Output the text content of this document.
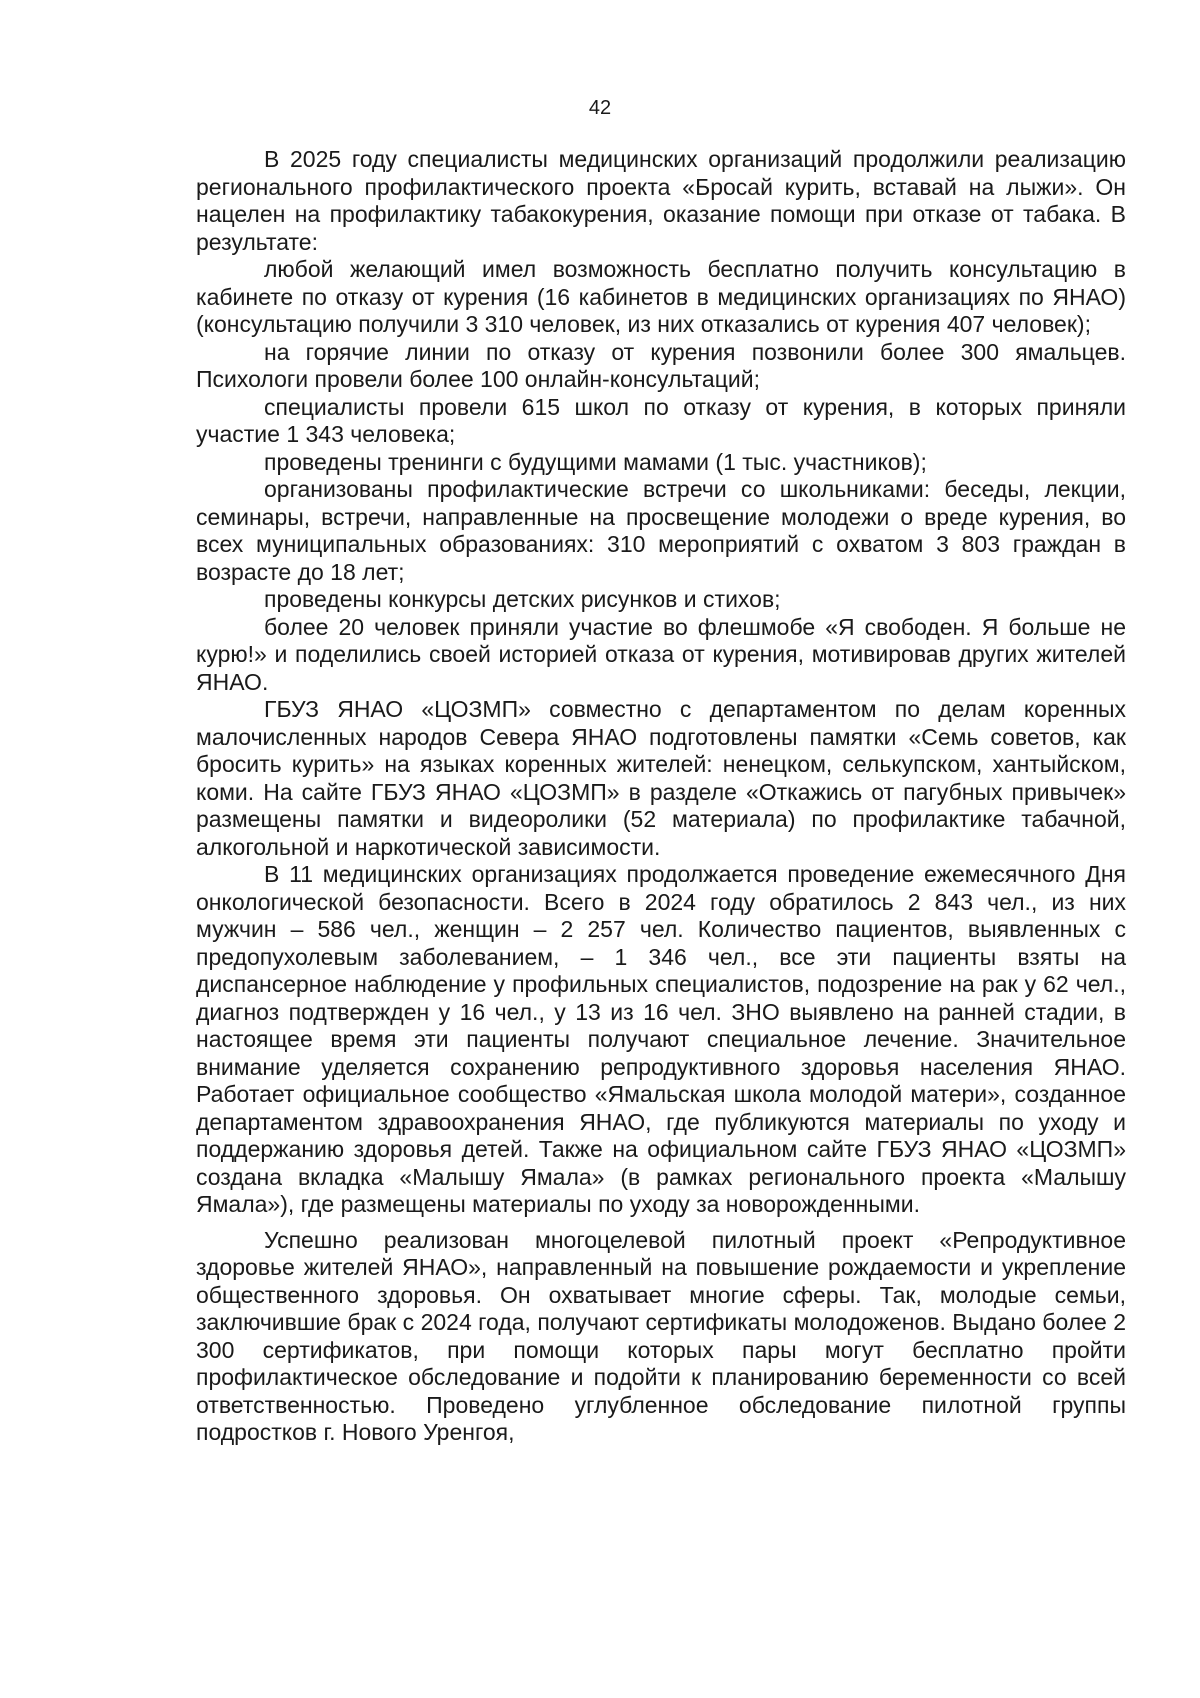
42

В 2025 году специалисты медицинских организаций продолжили реализацию регионального профилактического проекта «Бросай курить, вставай на лыжи». Он нацелен на профилактику табакокурения, оказание помощи при отказе от табака. В результате:

любой желающий имел возможность бесплатно получить консультацию в кабинете по отказу от курения (16 кабинетов в медицинских организациях по ЯНАО) (консультацию получили 3 310 человек, из них отказались от курения 407 человек);

на горячие линии по отказу от курения позвонили более 300 ямальцев. Психологи провели более 100 онлайн-консультаций;

специалисты провели 615 школ по отказу от курения, в которых приняли участие 1 343 человека;

проведены тренинги с будущими мамами (1 тыс. участников);

организованы профилактические встречи со школьниками: беседы, лекции, семинары, встречи, направленные на просвещение молодежи о вреде курения, во всех муниципальных образованиях: 310 мероприятий с охватом 3 803 граждан в возрасте до 18 лет;

проведены конкурсы детских рисунков и стихов;

более 20 человек приняли участие во флешмобе «Я свободен. Я больше не курю!» и поделились своей историей отказа от курения, мотивировав других жителей ЯНАО.

ГБУЗ ЯНАО «ЦОЗМП» совместно с департаментом по делам коренных малочисленных народов Севера ЯНАО подготовлены памятки «Семь советов, как бросить курить» на языках коренных жителей: ненецком, селькупском, хантыйском, коми. На сайте ГБУЗ ЯНАО «ЦОЗМП» в разделе «Откажись от пагубных привычек» размещены памятки и видеоролики (52 материала) по профилактике табачной, алкогольной и наркотической зависимости.

В 11 медицинских организациях продолжается проведение ежемесячного Дня онкологической безопасности. Всего в 2024 году обратилось 2 843 чел., из них мужчин – 586 чел., женщин – 2 257 чел. Количество пациентов, выявленных с предопухолевым заболеванием, – 1 346 чел., все эти пациенты взяты на диспансерное наблюдение у профильных специалистов, подозрение на рак у 62 чел., диагноз подтвержден у 16 чел., у 13 из 16 чел. ЗНО выявлено на ранней стадии, в настоящее время эти пациенты получают специальное лечение. Значительное внимание уделяется сохранению репродуктивного здоровья населения ЯНАО. Работает официальное сообщество «Ямальская школа молодой матери», созданное департаментом здравоохранения ЯНАО, где публикуются материалы по уходу и поддержанию здоровья детей. Также на официальном сайте ГБУЗ ЯНАО «ЦОЗМП» создана вкладка «Малышу Ямала» (в рамках регионального проекта «Малышу Ямала»), где размещены материалы по уходу за новорожденными.

Успешно реализован многоцелевой пилотный проект «Репродуктивное здоровье жителей ЯНАО», направленный на повышение рождаемости и укрепление общественного здоровья. Он охватывает многие сферы. Так, молодые семьи, заключившие брак с 2024 года, получают сертификаты молодоженов. Выдано более 2 300 сертификатов, при помощи которых пары могут бесплатно пройти профилактическое обследование и подойти к планированию беременности со всей ответственностью. Проведено углубленное обследование пилотной группы подростков г. Нового Уренгоя,
